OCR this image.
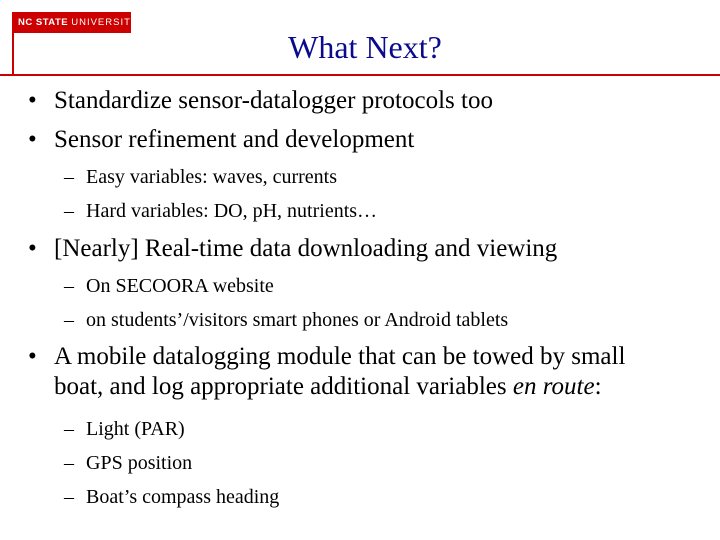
NC STATE UNIVERSITY
What Next?
• Standardize sensor-datalogger protocols too
• Sensor refinement and development
– Easy variables: waves, currents
– Hard variables: DO, pH, nutrients…
• [Nearly] Real-time data downloading and viewing
– On SECOORA website
– on students’/visitors smart phones or Android tablets
• A mobile datalogging module that can be towed by small
boat, and log appropriate additional variables en route:
– Light (PAR)
– GPS position
– Boat’s compass heading
